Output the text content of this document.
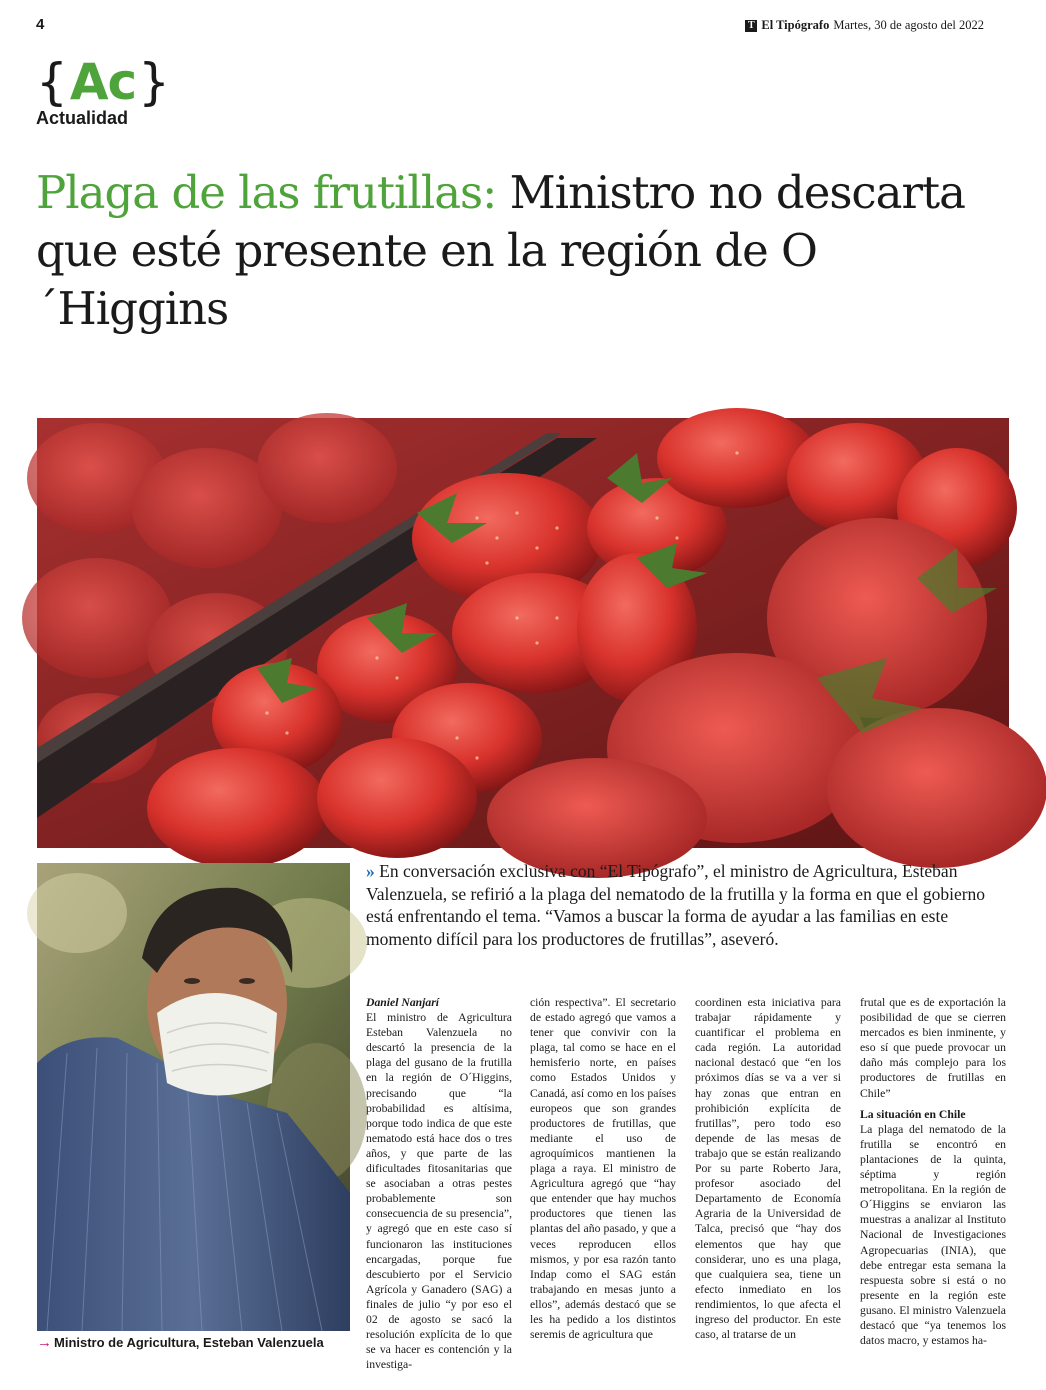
4	T El Tipógrafo Martes, 30 de agosto del 2022
{ Ac }
Actualidad
Plaga de las frutillas: Ministro no descarta que esté presente en la región de O´Higgins
→ Ministro de Agricultura, Esteban Valenzuela

» En conversación exclusiva con “El Tipógrafo”, el ministro de Agricultura, Esteban Valenzuela, se refirió a la plaga del nematodo de la frutilla y la forma en que el gobierno está enfrentando el tema. “Vamos a buscar la forma de ayudar a las familias en este momento difícil para los productores de frutillas”, aseveró.

Daniel Nanjarí

El ministro de Agricultura Esteban Valenzuela no descartó la presencia de la plaga del gusano de la frutilla en la región de O´Higgins, precisando que “la probabilidad es altísima, porque todo indica de que este nematodo está hace dos o tres años, y que parte de las dificultades fitosanitarias que se asociaban a otras pestes probablemente son consecuencia de su presencia”, y agregó que en este caso sí funcionaron las instituciones encargadas, porque fue descubierto por el Servicio Agrícola y Ganadero (SAG) a finales de julio “y por eso el 02 de agosto se sacó la resolución explícita de lo que se va hacer es contención y la investiga-

ción respectiva”. El secretario de estado agregó que vamos a tener que convivir con la plaga, tal como se hace en el hemisferio norte, en países como Estados Unidos y Canadá, así como en los países europeos que son grandes productores de frutillas, que mediante el uso de agroquímicos mantienen la plaga a raya. El ministro de Agricultura agregó que “hay que entender que hay muchos productores que tienen las plantas del año pasado, y que a veces reproducen ellos mismos, y por esa razón tanto Indap como el SAG están trabajando en mesas junto a ellos”, además destacó que se les ha pedido a los distintos seremis de agricultura que

coordinen esta iniciativa para trabajar rápidamente y cuantificar el problema en cada región. La autoridad nacional destacó que “en los próximos días se va a ver si hay zonas que entran en prohibición explícita de frutillas”, pero todo eso depende de las mesas de trabajo que se están realizando Por su parte Roberto Jara, profesor asociado del Departamento de Economía Agraria de la Universidad de Talca, precisó que “hay dos elementos que hay que considerar, uno es una plaga, que cualquiera sea, tiene un efecto inmediato en los rendimientos, lo que afecta el ingreso del productor. En este caso, al tratarse de un

frutal que es de exportación la posibilidad de que se cierren mercados es bien inminente, y eso sí que puede provocar un daño más complejo para los productores de frutillas en Chile”

La situación en Chile

La plaga del nematodo de la frutilla se encontró en plantaciones de la quinta, séptima y región metropolitana. En la región de O´Higgins se enviaron las muestras a analizar al Instituto Nacional de Investigaciones Agropecuarias (INIA), que debe entregar esta semana la respuesta sobre si está o no presente en la región este gusano. El ministro Valenzuela destacó que “ya tenemos los datos macro, y estamos ha-
